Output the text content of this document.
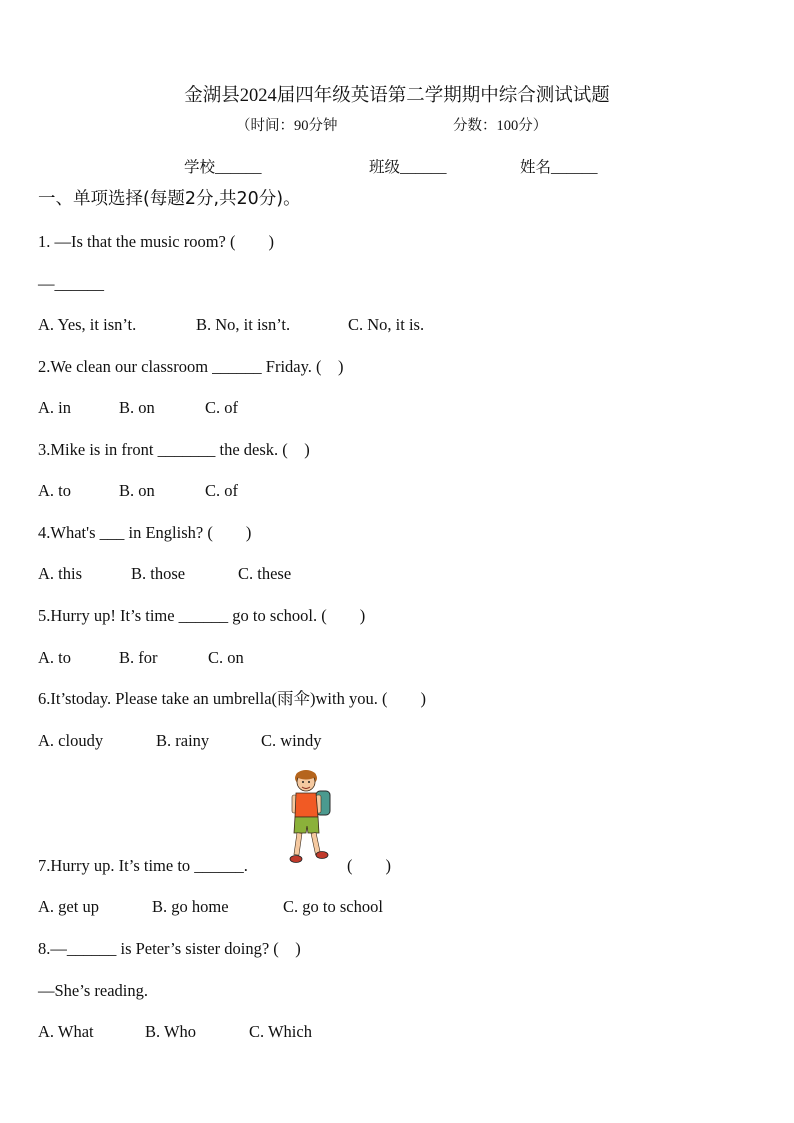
金湖县2024届四年级英语第二学期期中综合测试试题
（时间：90分钟	分数：100分）
学校______	班级______	姓名______
一、单项选择(每题2分,共20分)。
1. —Is that the music room? (　　)
—______
A. Yes, it isn’t.	B. No, it isn’t.	C. No, it is.
2.We clean our classroom ______ Friday. (　)
A. in	B. on	C. of
3.Mike is in front _______ the desk. (　)
A. to	B. on	C. of
4.What's ___ in English? (　　)
A. this	B. those	C. these
5.Hurry up! It’s time ______ go to school. (　　)
A. to	B. for	C. on
6.It’stoday. Please take an umbrella(雨伞)with you. (　　)
A. cloudy	B. rainy	C. windy
7.Hurry up. It’s time to ______.	(　　)
A. get up	B. go home	C. go to school
8.—______ is Peter’s sister doing? (　)
—She’s reading.
A. What	B. Who	C. Which
